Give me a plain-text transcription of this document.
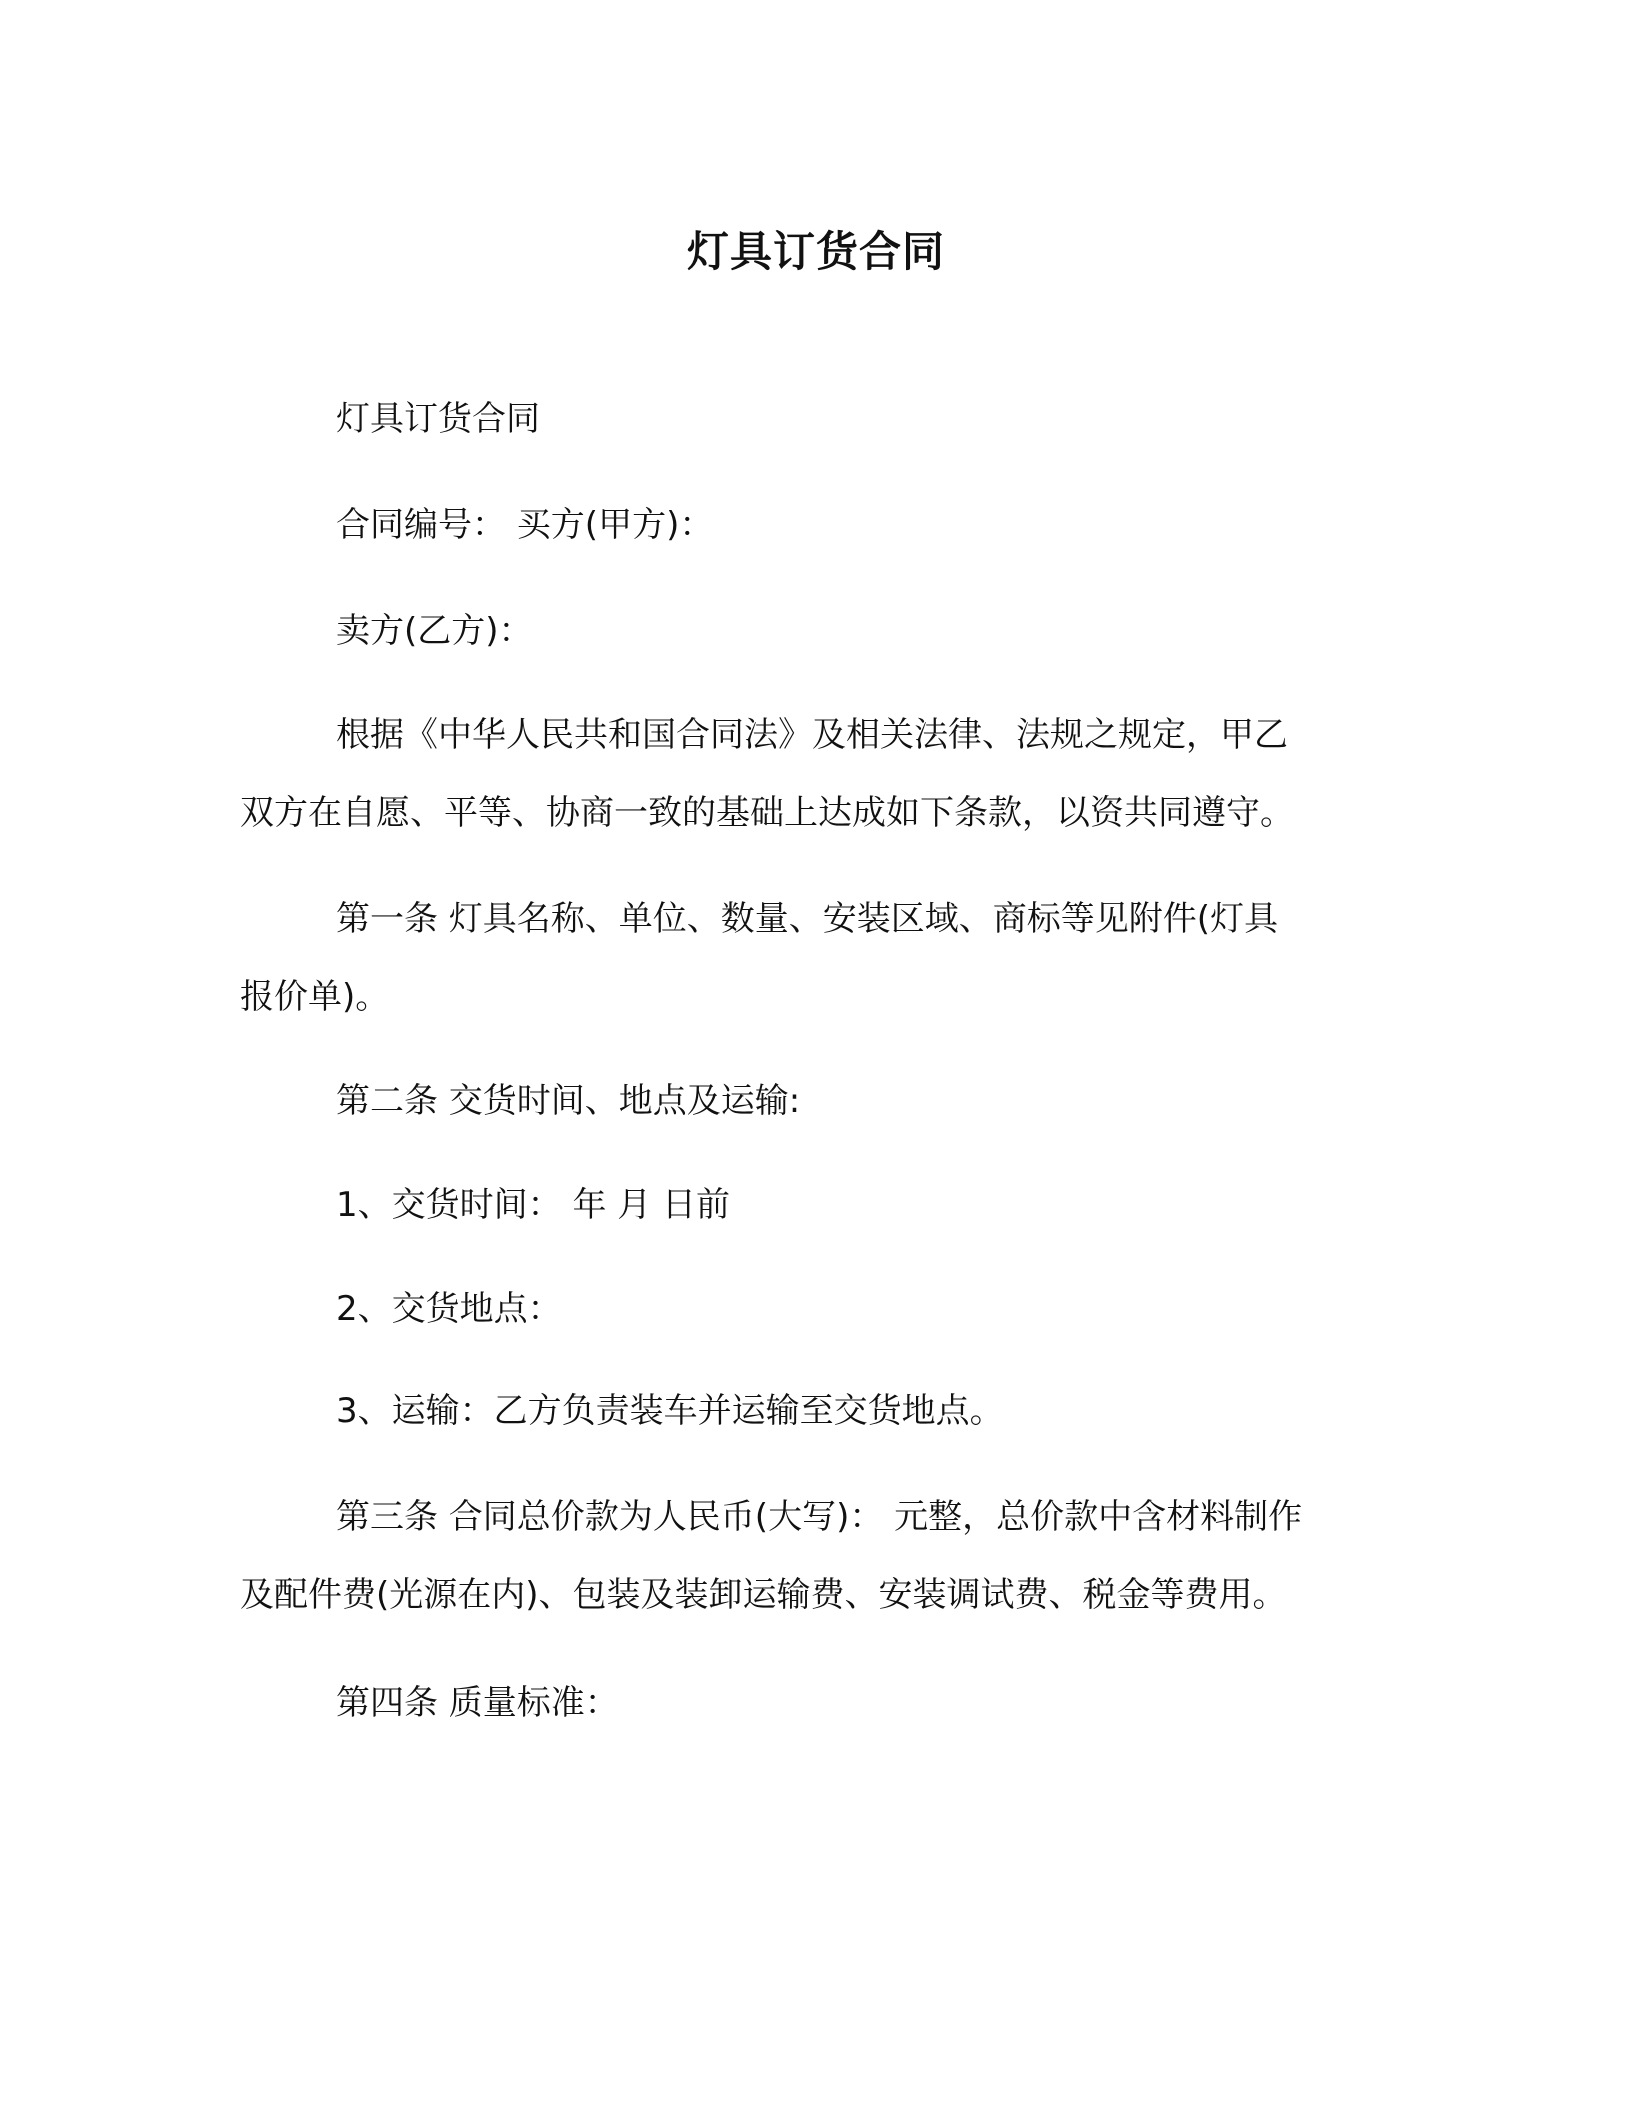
灯具订货合同
灯具订货合同
合同编号： 买方(甲方)：
卖方(乙方)：
根据《中华人民共和国合同法》及相关法律、法规之规定，甲乙
双方在自愿、平等、协商一致的基础上达成如下条款，以资共同遵守。
第一条 灯具名称、单位、数量、安装区域、商标等见附件(灯具
报价单)。
第二条 交货时间、地点及运输:
1、交货时间： 年 月 日前
2、交货地点：
3、运输：乙方负责装车并运输至交货地点。
第三条 合同总价款为人民币(大写)： 元整，总价款中含材料制作
及配件费(光源在内)、包装及装卸运输费、安装调试费、税金等费用。
第四条 质量标准：
